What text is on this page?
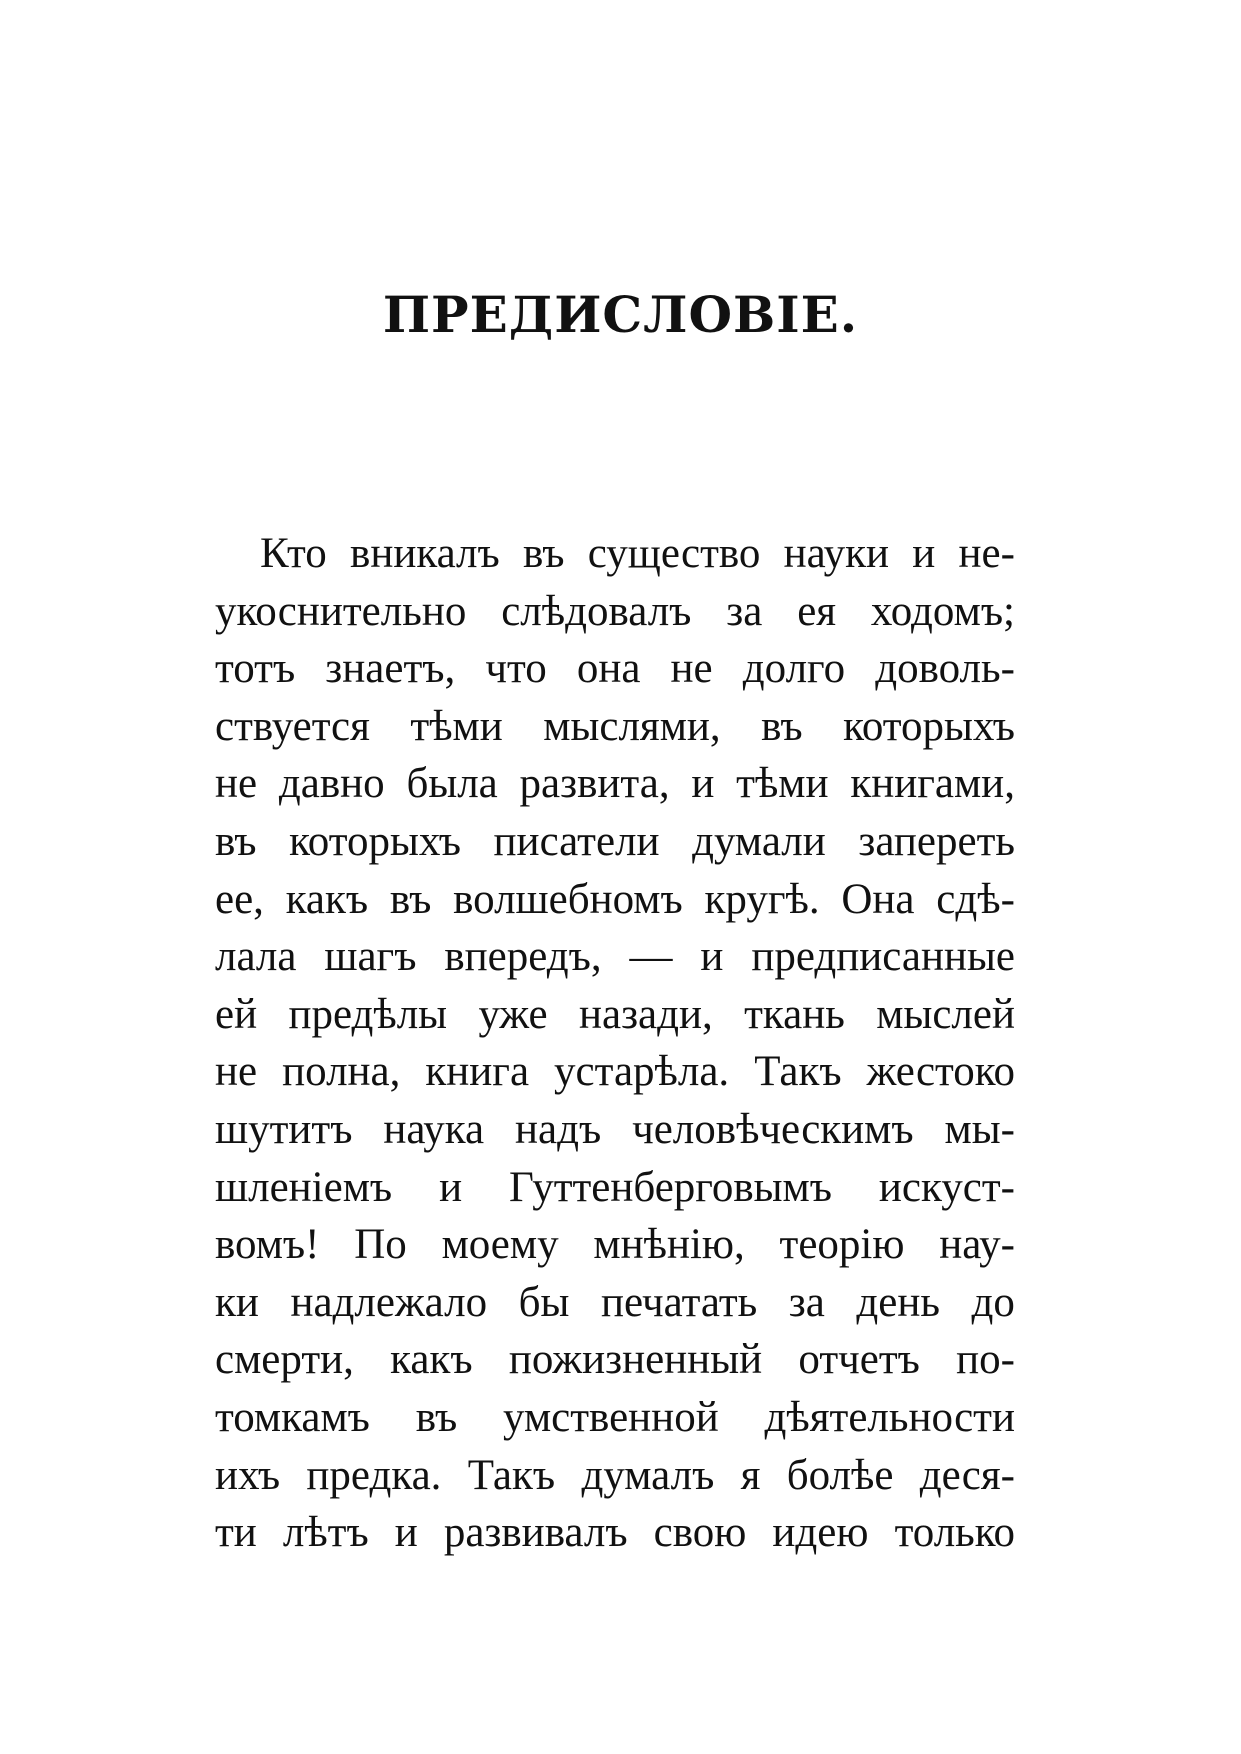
ПРЕДИСЛОВІЕ.
Кто вникалъ въ существо науки и не-
укоснительно слѣдовалъ за ея ходомъ;
тотъ знаетъ, что она не долго доволь-
ствуется тѣми мыслями, въ которыхъ
не давно была развита, и тѣми книгами,
въ которыхъ писатели думали запереть
ее, какъ въ волшебномъ кругѣ. Она сдѣ-
лала шагъ впередъ, — и предписанные
ей предѣлы уже назади, ткань мыслей
не полна, книга устарѣла. Такъ жестоко
шутитъ наука надъ человѣческимъ мы-
шленіемъ и Гуттенберговымъ искуст-
вомъ! По моему мнѣнію, теорію нау-
ки надлежало бы печатать за день до
смерти, какъ пожизненный отчетъ по-
томкамъ въ умственной дѣятельности
ихъ предка. Такъ думалъ я болѣе деся-
ти лѣтъ и развивалъ свою идею только
